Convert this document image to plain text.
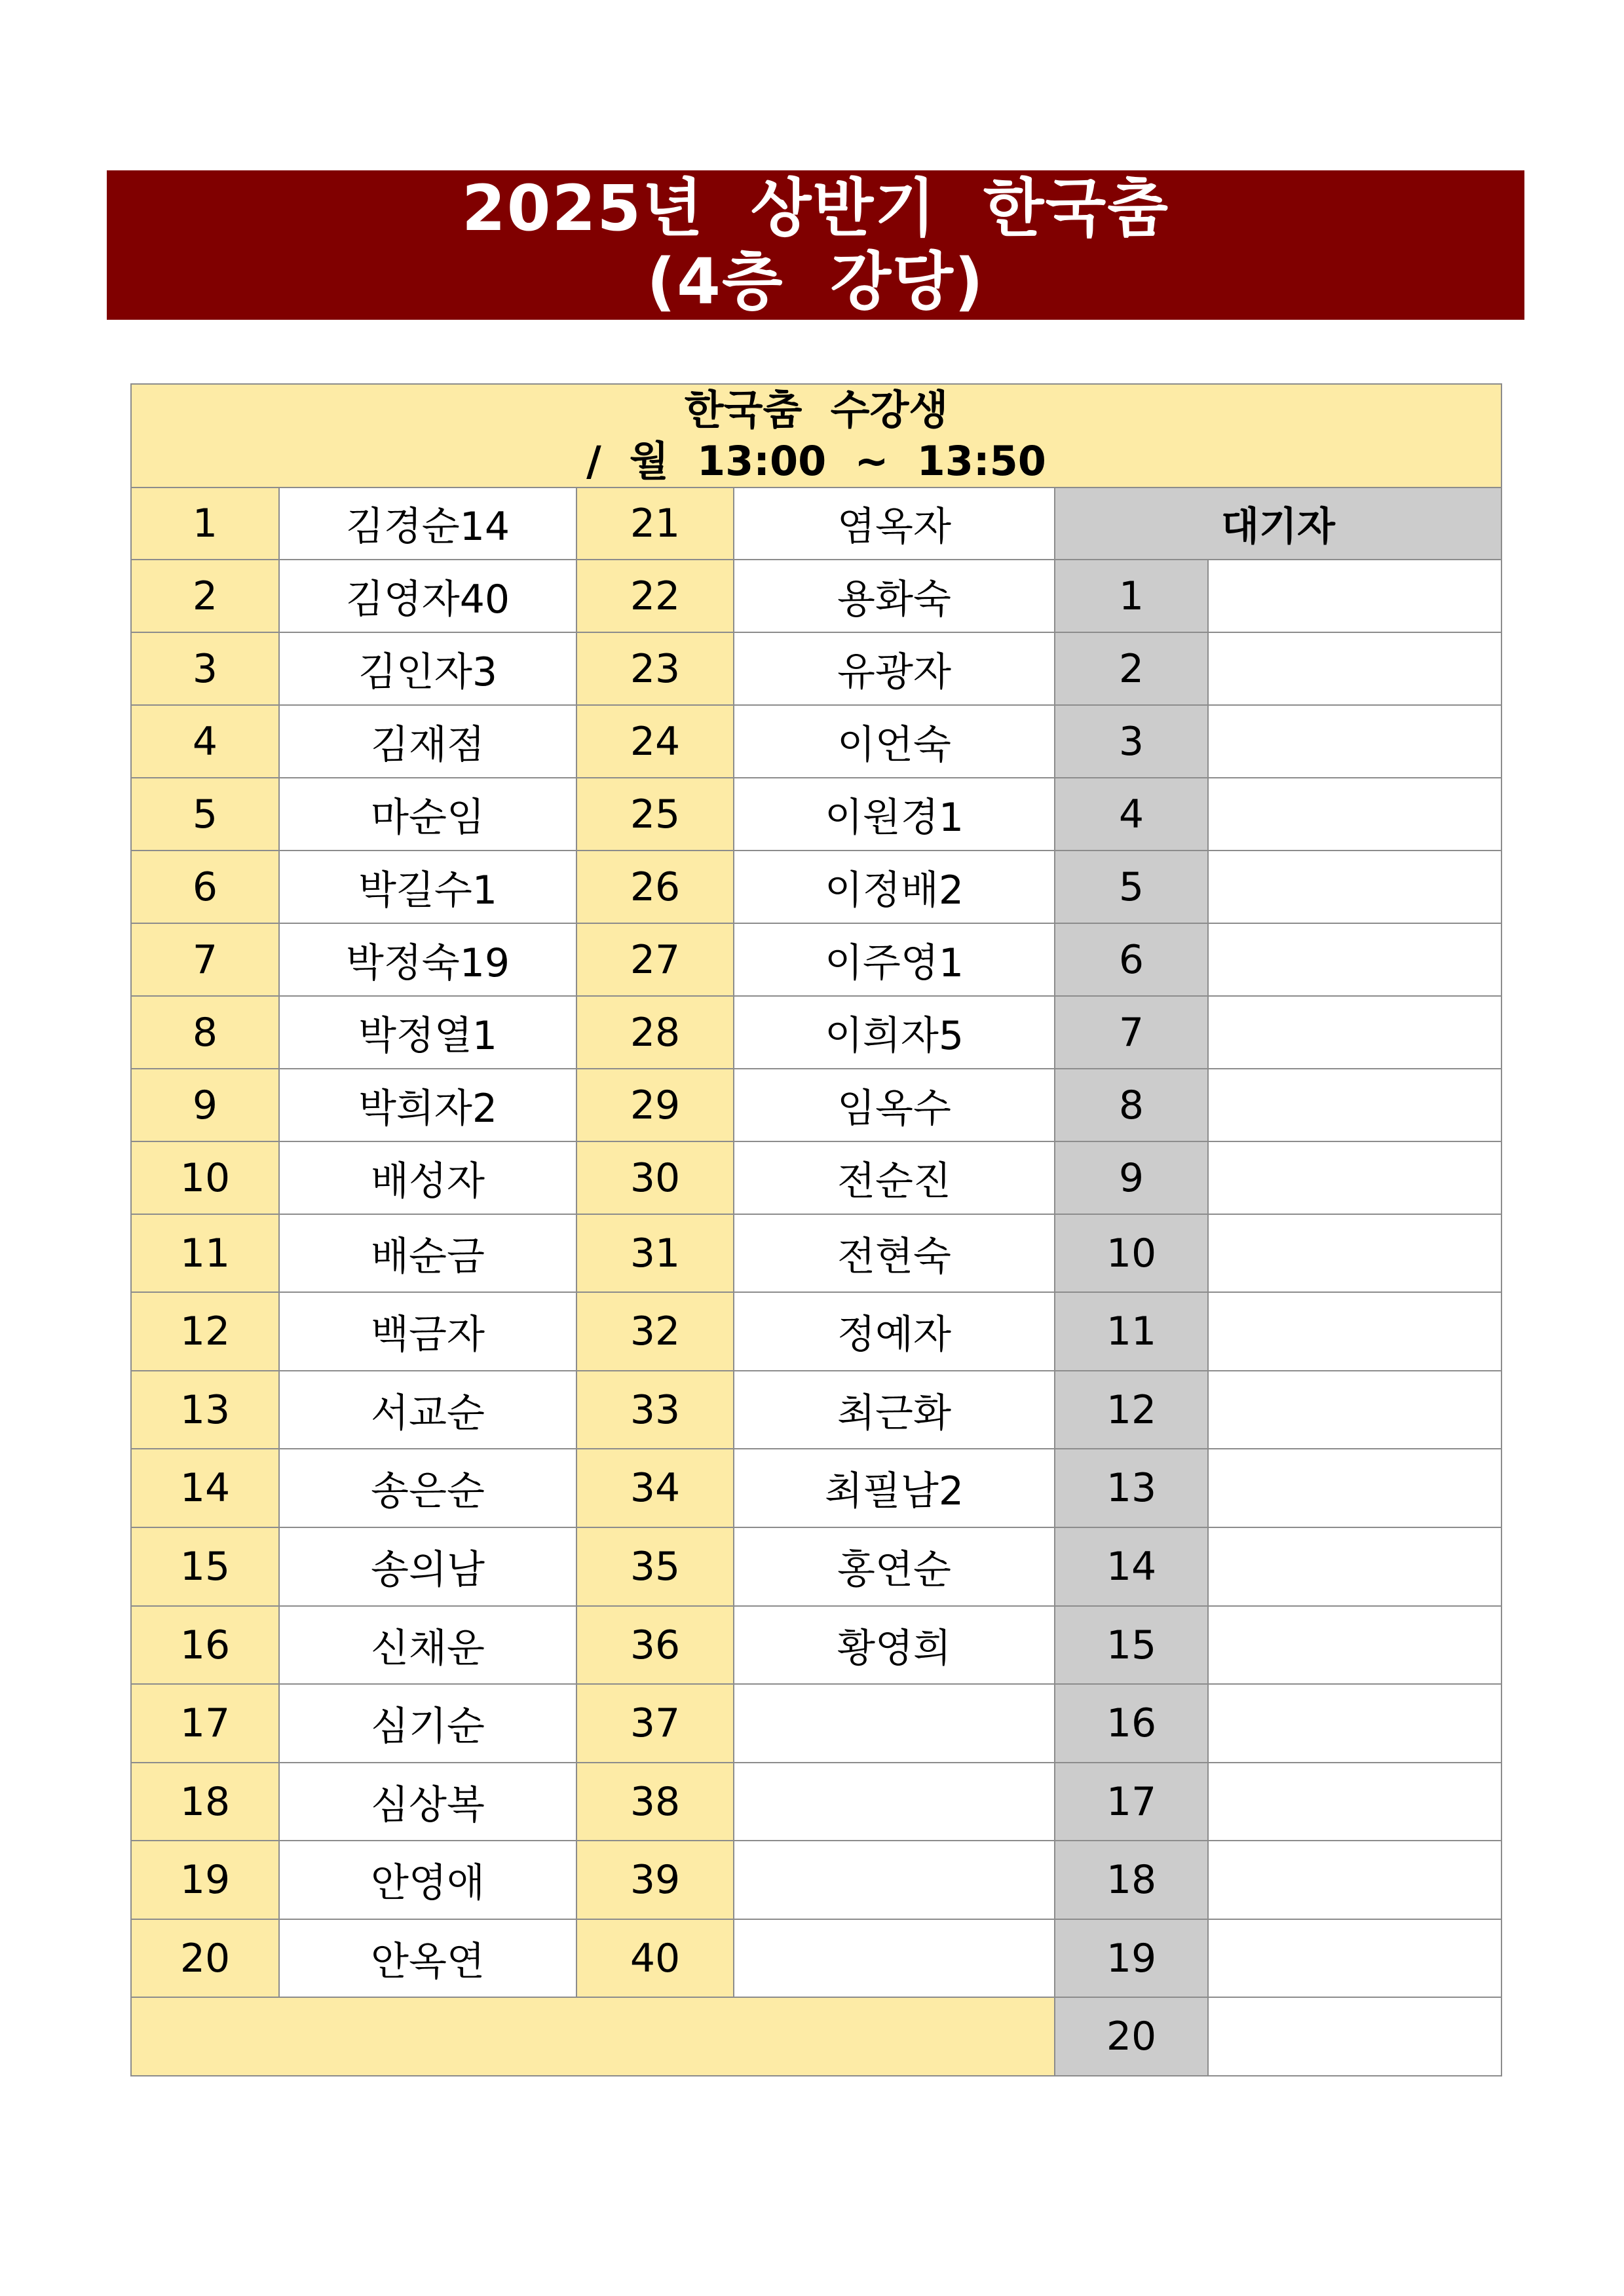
2025년  상반기  한국춤
(4층  강당)
한국춤  수강생
/  월  13:00  ~  13:50					

1	김경순14	21	염옥자	대기자	
2	김영자40	22	용화숙	1	
3	김인자3	23	유광자	2	
4	김재점	24	이언숙	3	
5	마순임	25	이원경1	4	
6	박길수1	26	이정배2	5	
7	박정숙19	27	이주영1	6	
8	박정열1	28	이희자5	7	
9	박희자2	29	임옥수	8	
10	배성자	30	전순진	9	
11	배순금	31	전현숙	10	
12	백금자	32	정예자	11	
13	서교순	33	최근화	12	
14	송은순	34	최필남2	13	
15	송의남	35	홍연순	14	
16	신채운	36	황영희	15	
17	심기순	37		16	
18	심상복	38		17	
19	안영애	39		18	
20	안옥연	40		19	
				20	
